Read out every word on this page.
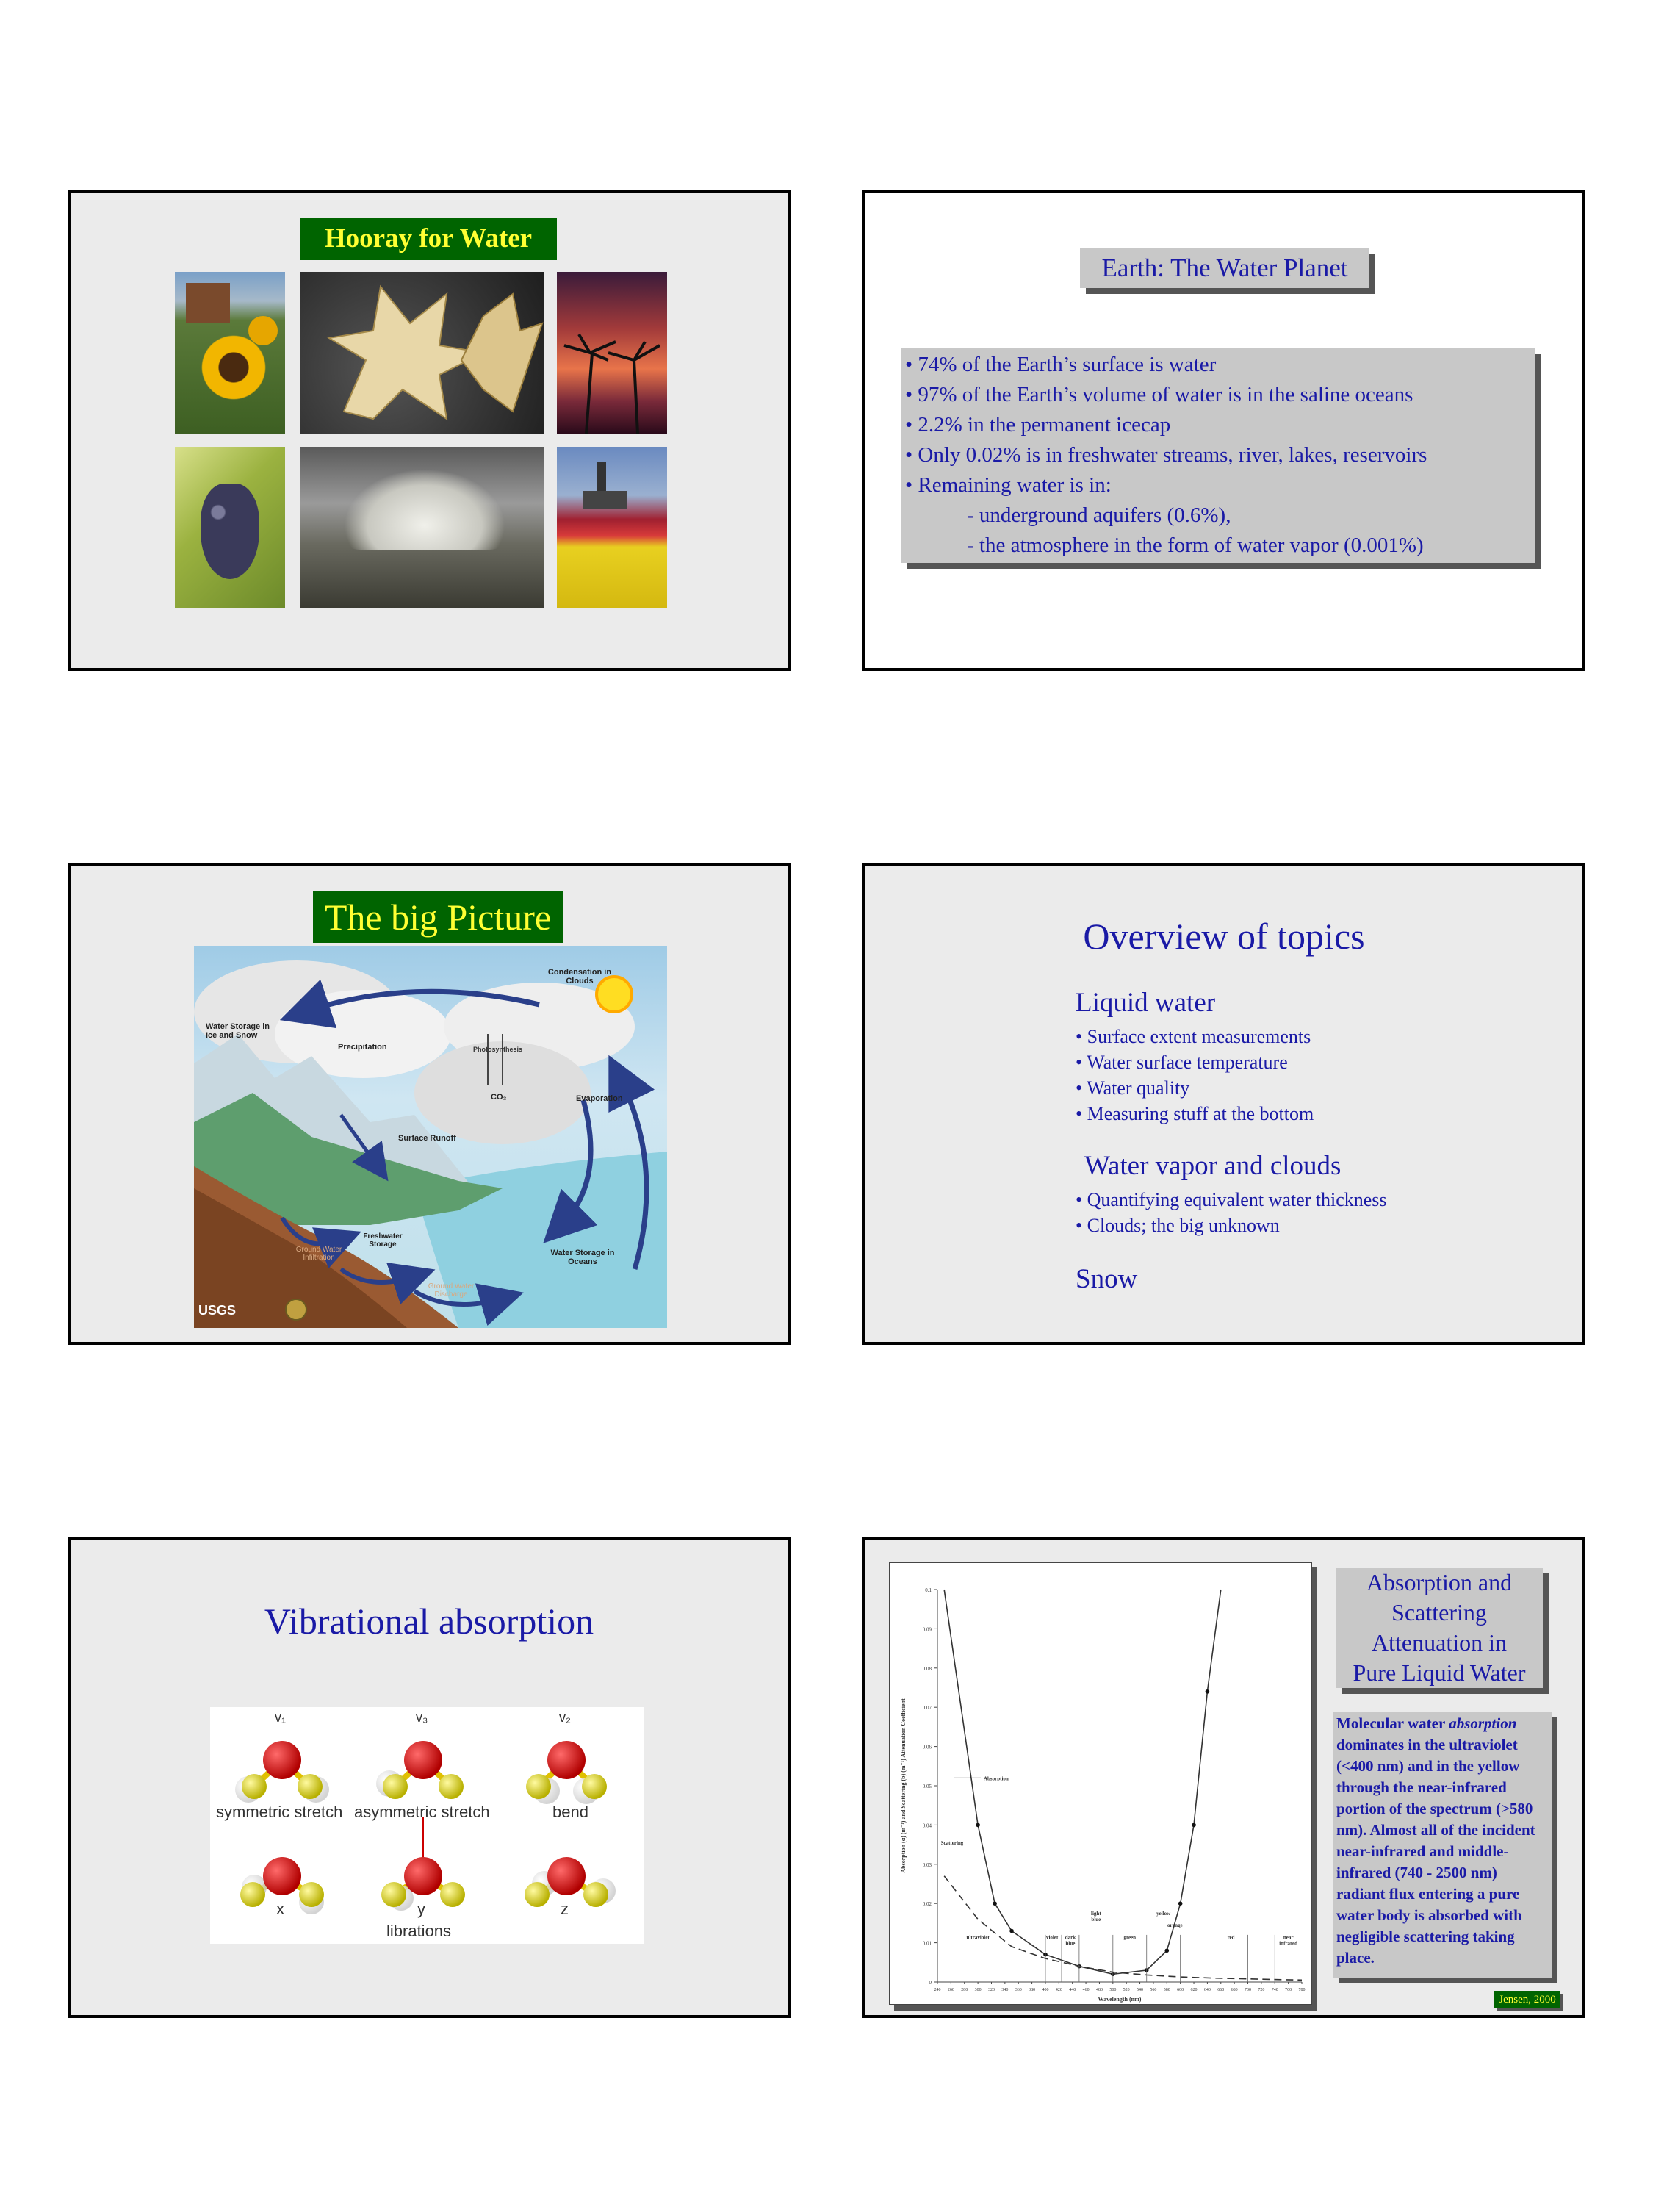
Hooray for Water
Earth: The Water Planet
• 74% of the Earth’s surface is water
• 97% of the Earth’s volume of water is in the saline oceans
• 2.2% in the permanent icecap
• Only 0.02% is in freshwater streams, river, lakes, reservoirs
• Remaining water is in:
- underground aquifers (0.6%),
- the atmosphere in the form of water vapor (0.001%)
The big Picture
Condensation in Clouds
Water Storage in Ice and Snow
Precipitation	Photosynthesis
CO₂	Evaporation
Surface Runoff
Freshwater Storage
Ground Water Infiltration
Water Storage in Oceans
Ground Water Discharge
USGS
Overview of topics
Liquid water
• Surface extent measurements
• Water surface temperature
• Water quality
• Measuring stuff at the bottom
Water vapor and clouds
• Quantifying equivalent water thickness
• Clouds; the big unknown
Snow
Vibrational absorption
v₁	v₃	v₂
symmetric stretch asymmetric stretch	bend
x	y	z
librations
0
0.01
0.02
0.03
0.04
0.05
0.06
0.07
0.08
0.09
0.1
240 260 280 300 320 340 360 380 400 420 440 460 480 500 520 540 560 580 600 620 640 660 680 700 720 740 760 780
Wavelength (nm)
Absorption (α) (m⁻¹) and Scattering (b) (m⁻¹) Attenuation Coefficient	Absorption
Scattering
ultraviolet	violet dark blue
light blue
green
yellow
orange
red	near infrared
Absorption and
Scattering
Attenuation in
Pure Liquid Water
Molecular water absorption dominates in the ultraviolet (<400 nm) and in the yellow through the near-infrared portion of the spectrum (>580 nm). Almost all of the incident near-infrared and middle-infrared (740 - 2500 nm) radiant flux entering a pure water body is absorbed with negligible scattering taking place.
Jensen, 2000
